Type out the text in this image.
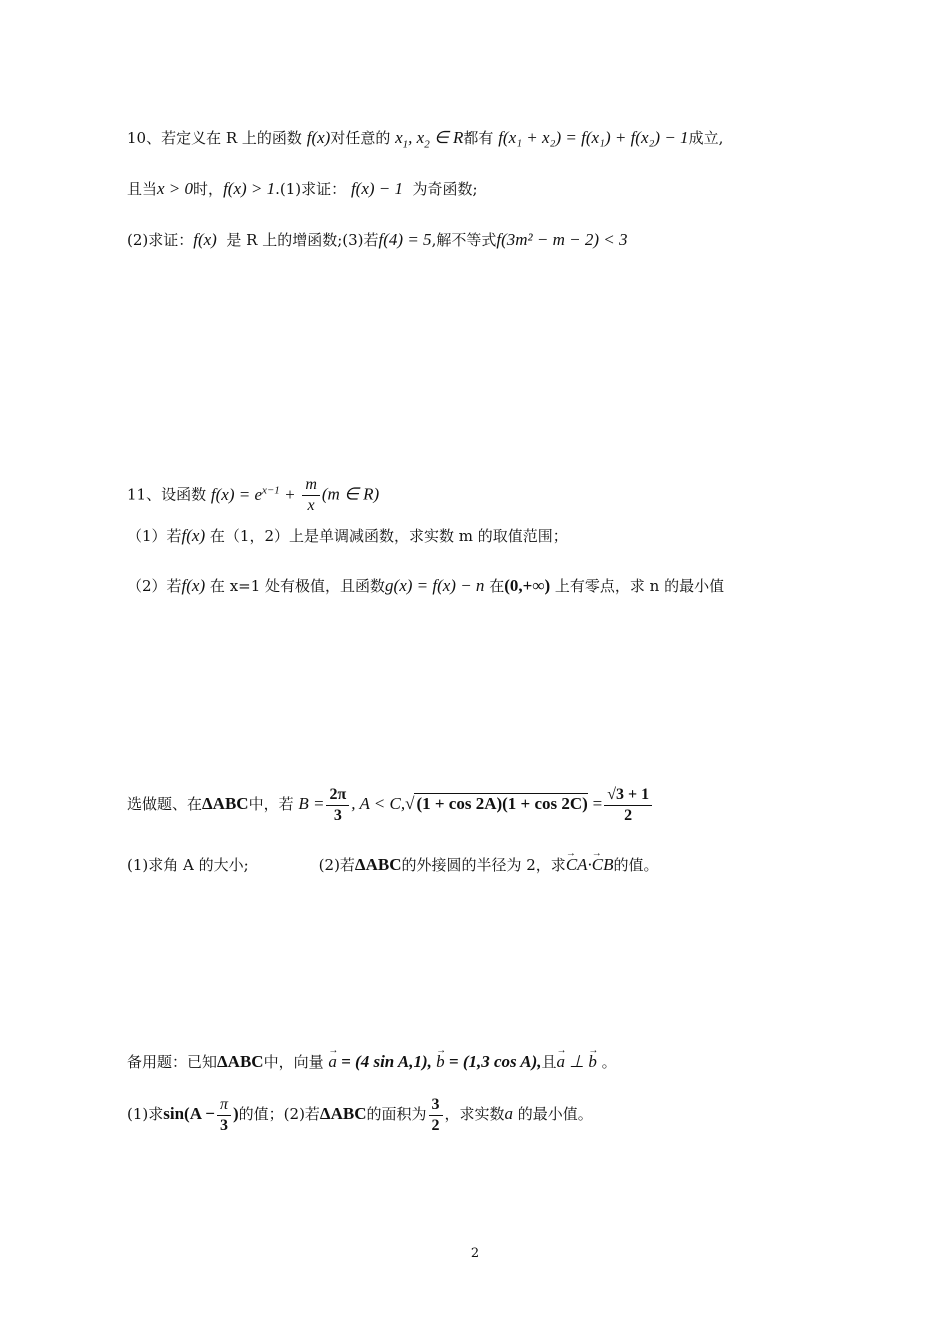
10、若定义在 R 上的函数 f(x)对任意的 $x_1$, $x_2$ ∈ R都有 f(x₁ + x₂) = f(x₁) + f(x₂) − 1成立,
且当x > 0时，f(x) > 1.(1)求证： f(x) − 1 为奇函数;
(2)求证：f(x) 是 R 上的增函数;(3)若f(4) = 5,解不等式f(3m² − m − 2) < 3
11、设函数 $f(x) = e^{x-1} + \frac{m}{x} (m$ ∈ R)
（1）若f(x) 在（1，2）上是单调减函数，求实数 m 的取值范围；
（2）若f(x) 在 x=1 处有极值，且函数g(x) = f(x) − n 在(0,+∞) 上有零点，求 n 的最小值
选做题、在ΔABC中，若 $B = \frac{2\pi}{3}$ , A < C,√ $(1 + \cos 2A)(1 + \cos 2C) = \frac{√3 + 1}{2}$
(1)求角 A 的大小;	(2)若ΔABC的外接圆的半径为 2，求→ CA·→ CB的值。
备用题：已知ΔABC中，向量 → a = (4 sin A,1), → b = (1,3 cos A),且→ a ⊥ → b 。
(1)求$\sin(A - \frac{\pi}{3}$ )的值；(2)若ΔABC的面积为 $\frac{3}{2}$ ，求实数a 的最小值。
2
